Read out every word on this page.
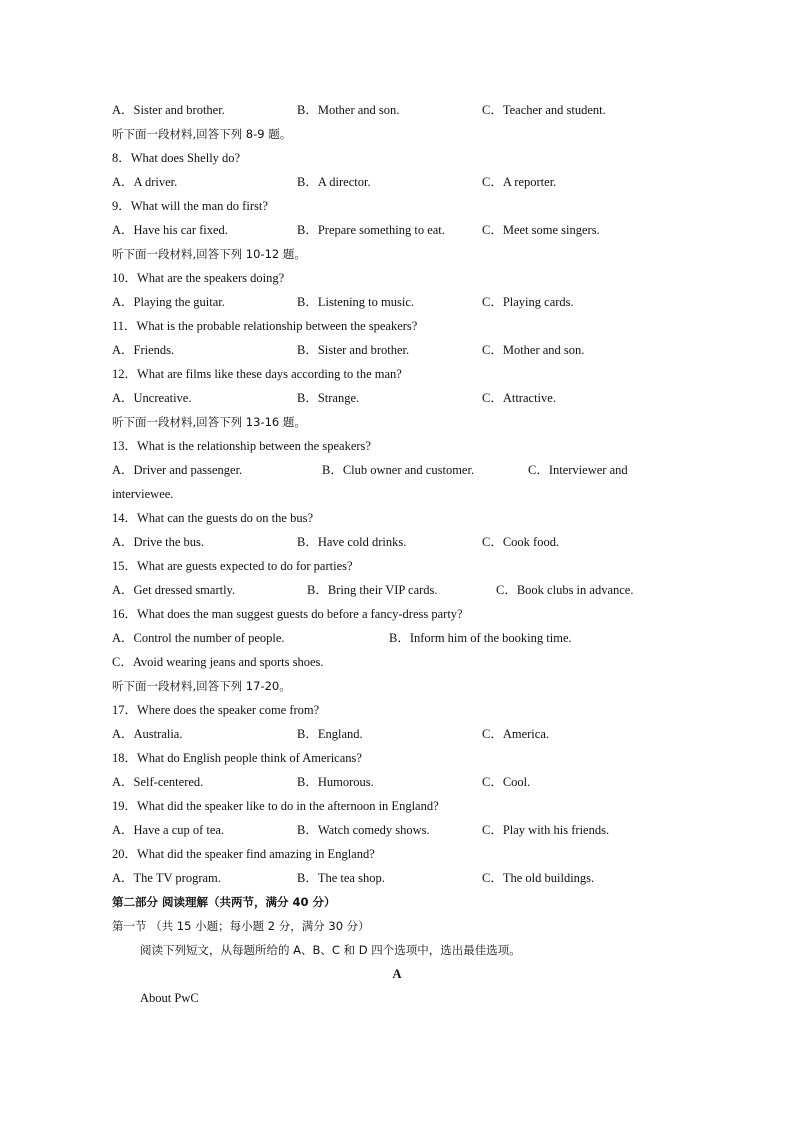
A．Sister and brother.	B．Mother and son.	C．Teacher and student.
听下面一段材料,回答下列 8-9 题。
8．What does Shelly do?
A．A driver.	B．A director.	C．A reporter.
9．What will the man do first?
A．Have his car fixed.	B．Prepare something to eat.	C．Meet some singers.
听下面一段材料,回答下列 10-12 题。
10．What are the speakers doing?
A．Playing the guitar.	B．Listening to music.	C．Playing cards.
11．What is the probable relationship between the speakers?
A．Friends.	B．Sister and brother.	C．Mother and son.
12．What are films like these days according to the man?
A．Uncreative.	B．Strange.	C．Attractive.
听下面一段材料,回答下列 13-16 题。
13．What is the relationship between the speakers?
A．Driver and passenger.	B．Club owner and customer.	C．Interviewer and
interviewee.
14．What can the guests do on the bus?
A．Drive the bus.	B．Have cold drinks.	C．Cook food.
15．What are guests expected to do for parties?
A．Get dressed smartly.	B．Bring their VIP cards.	C．Book clubs in advance.
16．What does the man suggest guests do before a fancy-dress party?
A．Control the number of people.	B．Inform him of the booking time.
C．Avoid wearing jeans and sports shoes.
听下面一段材料,回答下列 17-20。
17．Where does the speaker come from?
A．Australia.	B．England.	C．America.
18．What do English people think of Americans?
A．Self-centered.	B．Humorous.	C．Cool.
19．What did the speaker like to do in the afternoon in England?
A．Have a cup of tea.	B．Watch comedy shows.	C．Play with his friends.
20．What did the speaker find amazing in England?
A．The TV program.	B．The tea shop.	C．The old buildings.
第二部分 阅读理解（共两节，满分 40 分）
第一节 （共 15 小题；每小题 2 分，满分 30 分）
阅读下列短文，从每题所给的 A、B、C 和 D 四个选项中，选出最佳选项。
A
About PwC
